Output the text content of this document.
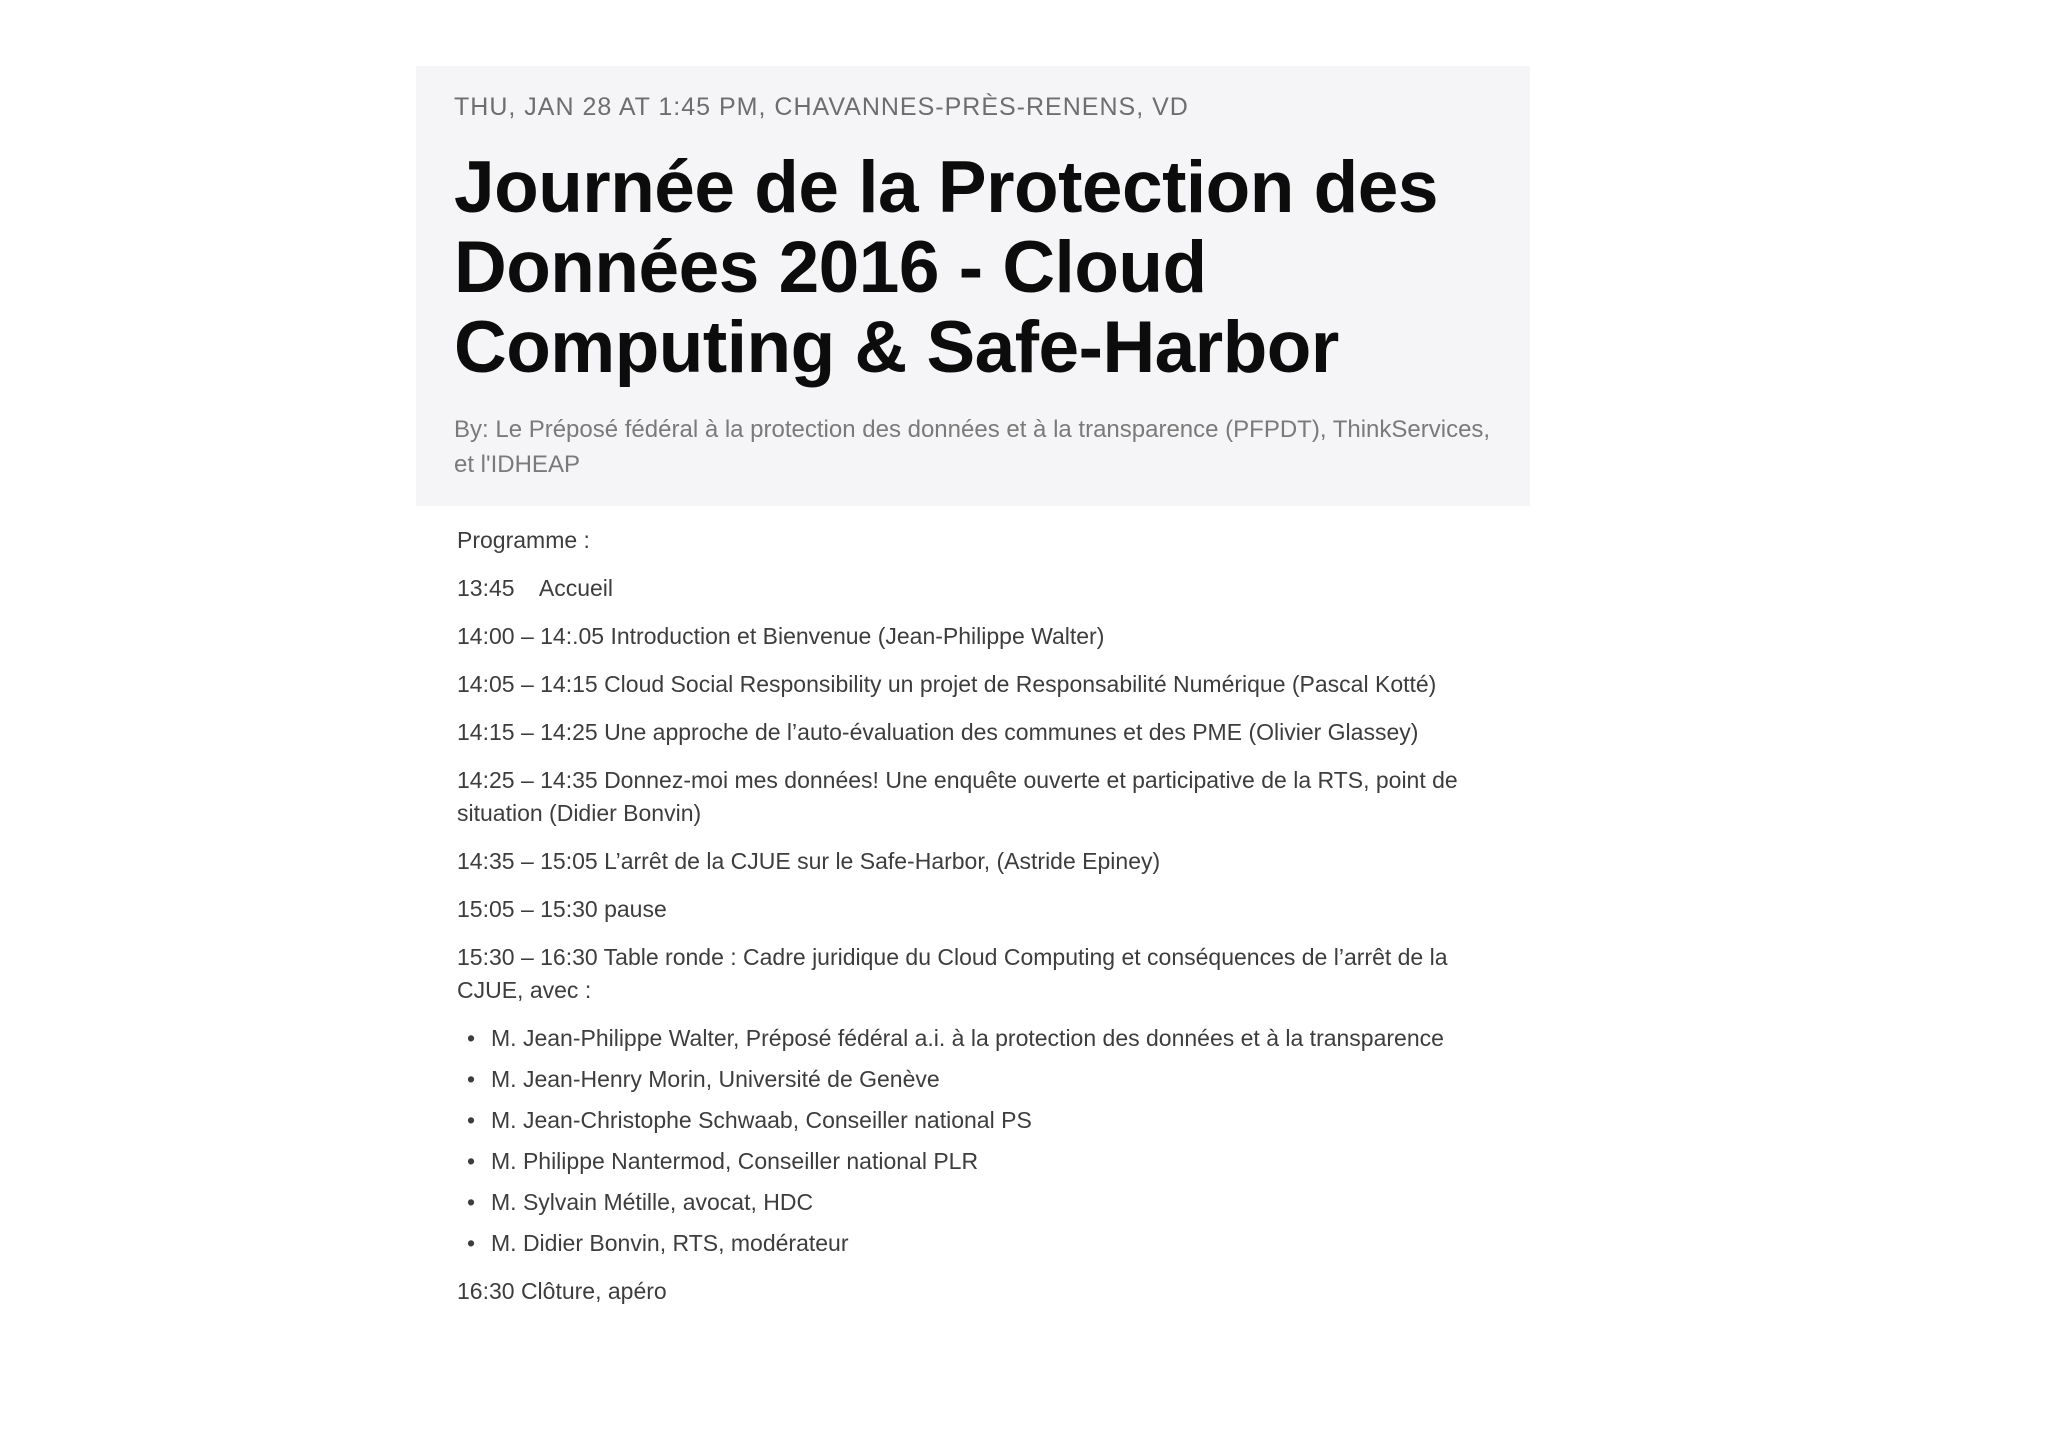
THU, JAN 28 AT 1:45 PM, CHAVANNES-PRÈS-RENENS, VD

Journée de la Protection des Données 2016 - Cloud Computing & Safe-Harbor

By: Le Préposé fédéral à la protection des données et à la transparence (PFPDT), ThinkServices, et l'IDHEAP

Programme :

13:45    Accueil

14:00 – 14:.05 Introduction et Bienvenue (Jean-Philippe Walter)

14:05 – 14:15 Cloud Social Responsibility un projet de Responsabilité Numérique (Pascal Kotté)

14:15 – 14:25 Une approche de l’auto-évaluation des communes et des PME (Olivier Glassey)

14:25 – 14:35 Donnez-moi mes données! Une enquête ouverte et participative de la RTS, point de situation (Didier Bonvin)

14:35 – 15:05 L’arrêt de la CJUE sur le Safe-Harbor, (Astride Epiney)

15:05 – 15:30 pause

15:30 – 16:30 Table ronde : Cadre juridique du Cloud Computing et conséquences de l’arrêt de la CJUE, avec :

• M. Jean-Philippe Walter, Préposé fédéral a.i. à la protection des données et à la transparence
• M. Jean-Henry Morin, Université de Genève
• M. Jean-Christophe Schwaab, Conseiller national PS
• M. Philippe Nantermod, Conseiller national PLR
• M. Sylvain Métille, avocat, HDC
• M. Didier Bonvin, RTS, modérateur

16:30 Clôture, apéro
